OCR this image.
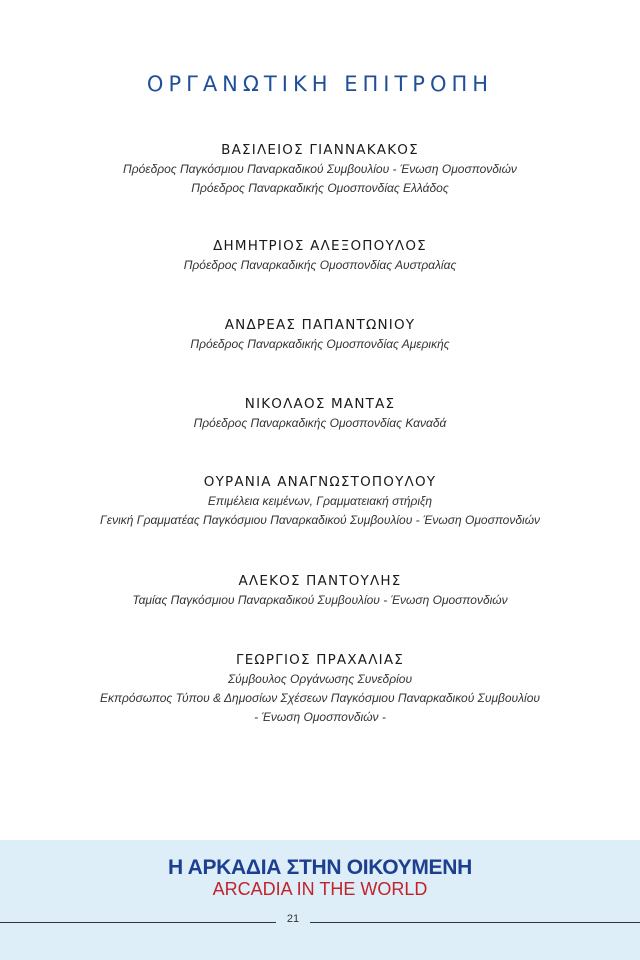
ΟΡΓΑΝΩΤΙΚΗ ΕΠΙΤΡΟΠΗ
ΒΑΣΙΛΕΙΟΣ ΓΙΑΝΝΑΚΑΚΟΣ
Πρόεδρος Παγκόσμιου Παναρκαδικού Συμβουλίου - Ένωση Ομοσπονδιών
Πρόεδρος Παναρκαδικής Ομοσπονδίας Ελλάδος
ΔΗΜΗΤΡΙΟΣ ΑΛΕΞΟΠΟΥΛΟΣ
Πρόεδρος Παναρκαδικής Ομοσπονδίας Αυστραλίας
ΑΝΔΡΕΑΣ ΠΑΠΑΝΤΩΝΙΟΥ
Πρόεδρος Παναρκαδικής Ομοσπονδίας Αμερικής
ΝΙΚΟΛΑΟΣ ΜΑΝΤΑΣ
Πρόεδρος Παναρκαδικής Ομοσπονδίας Καναδά
ΟΥΡΑΝΙΑ ΑΝΑΓΝΩΣΤΟΠΟΥΛΟΥ
Επιμέλεια κειμένων, Γραμματειακή στήριξη
Γενική Γραμματέας Παγκόσμιου Παναρκαδικού Συμβουλίου - Ένωση Ομοσπονδιών
ΑΛΕΚΟΣ ΠΑΝΤΟΥΛΗΣ
Ταμίας Παγκόσμιου Παναρκαδικού Συμβουλίου - Ένωση Ομοσπονδιών
ΓΕΩΡΓΙΟΣ ΠΡΑΧΑΛΙΑΣ
Σύμβουλος Οργάνωσης Συνεδρίου
Εκπρόσωπος Τύπου & Δημοσίων Σχέσεων Παγκόσμιου Παναρκαδικού Συμβουλίου
- Ένωση Ομοσπονδιών -
Η ΑΡΚΑΔΙΑ ΣΤΗΝ ΟΙΚΟΥΜΕΝΗ
ARCADIA IN THE WORLD
21
